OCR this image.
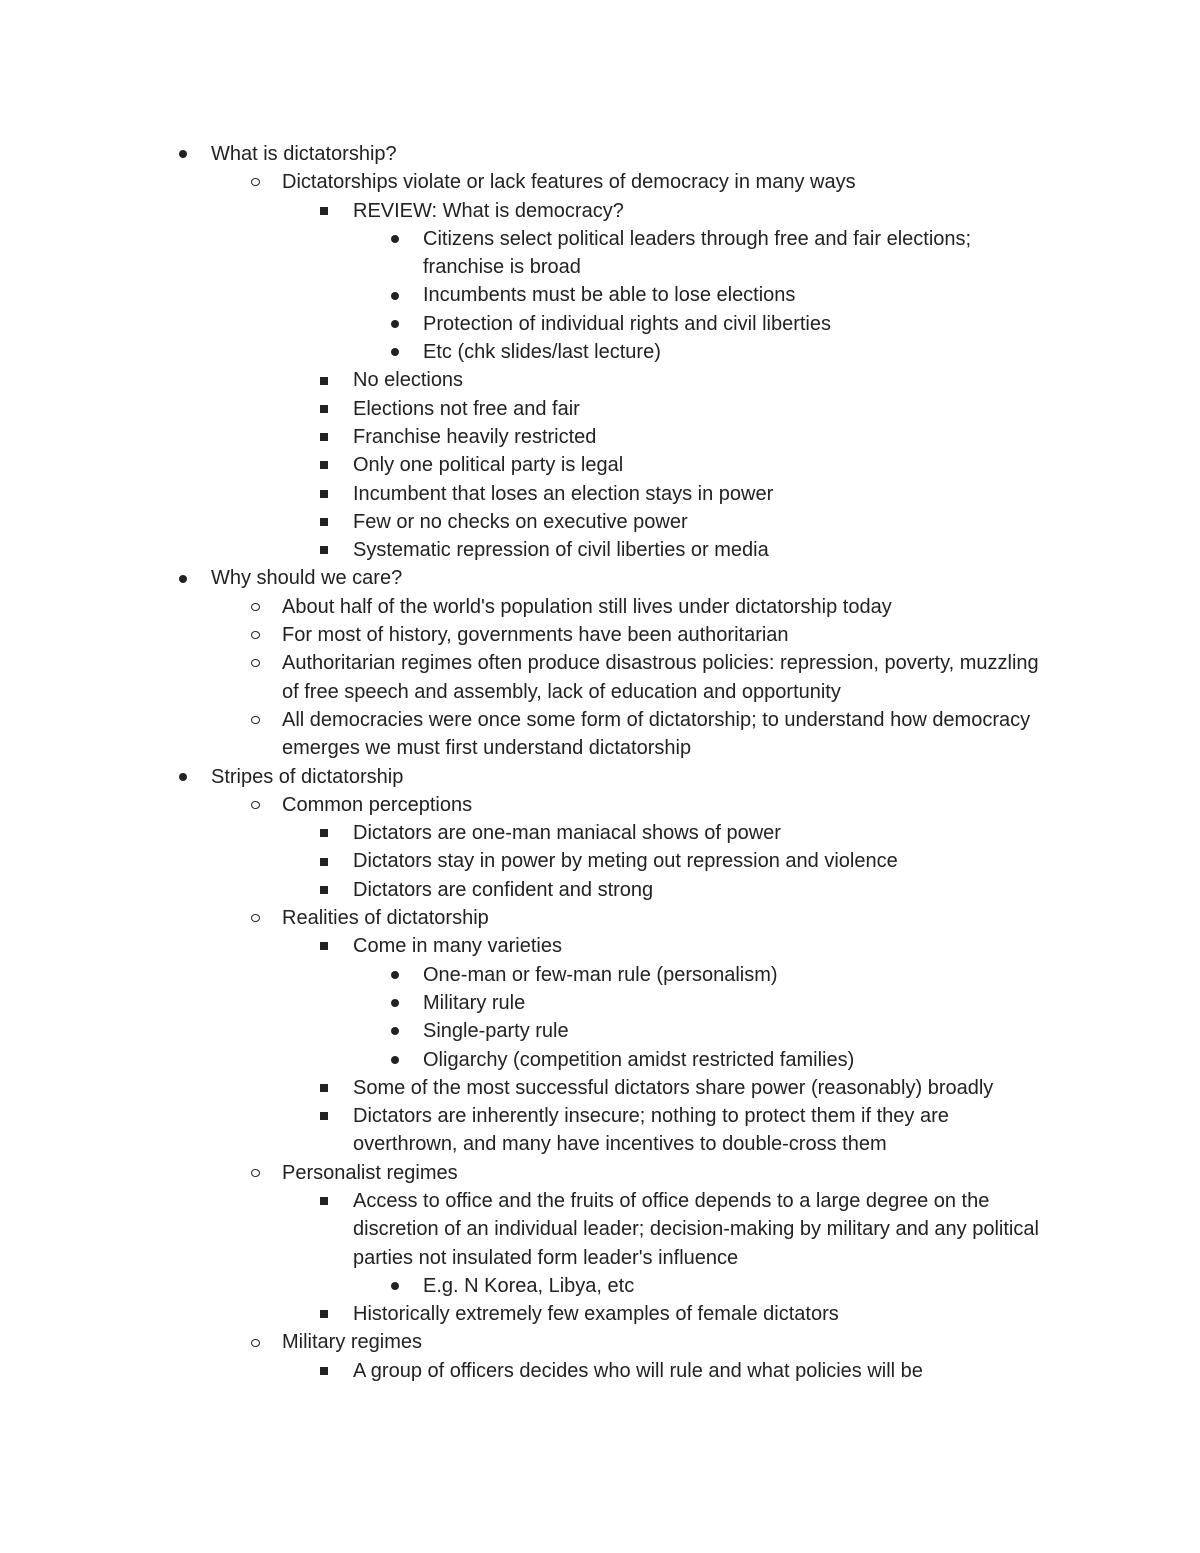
What is dictatorship?
Dictatorships violate or lack features of democracy in many ways
REVIEW: What is democracy?
Citizens select political leaders through free and fair elections; franchise is broad
Incumbents must be able to lose elections
Protection of individual rights and civil liberties
Etc (chk slides/last lecture)
No elections
Elections not free and fair
Franchise heavily restricted
Only one political party is legal
Incumbent that loses an election stays in power
Few or no checks on executive power
Systematic repression of civil liberties or media
Why should we care?
About half of the world's population still lives under dictatorship today
For most of history, governments have been authoritarian
Authoritarian regimes often produce disastrous policies: repression, poverty, muzzling of free speech and assembly, lack of education and opportunity
All democracies were once some form of dictatorship; to understand how democracy emerges we must first understand dictatorship
Stripes of dictatorship
Common perceptions
Dictators are one-man maniacal shows of power
Dictators stay in power by meting out repression and violence
Dictators are confident and strong
Realities of dictatorship
Come in many varieties
One-man or few-man rule (personalism)
Military rule
Single-party rule
Oligarchy (competition amidst restricted families)
Some of the most successful dictators share power (reasonably) broadly
Dictators are inherently insecure; nothing to protect them if they are overthrown, and many have incentives to double-cross them
Personalist regimes
Access to office and the fruits of office depends to a large degree on the discretion of an individual leader; decision-making by military and any political parties not insulated form leader's influence
E.g. N Korea, Libya, etc
Historically extremely few examples of female dictators
Military regimes
A group of officers decides who will rule and what policies will be
